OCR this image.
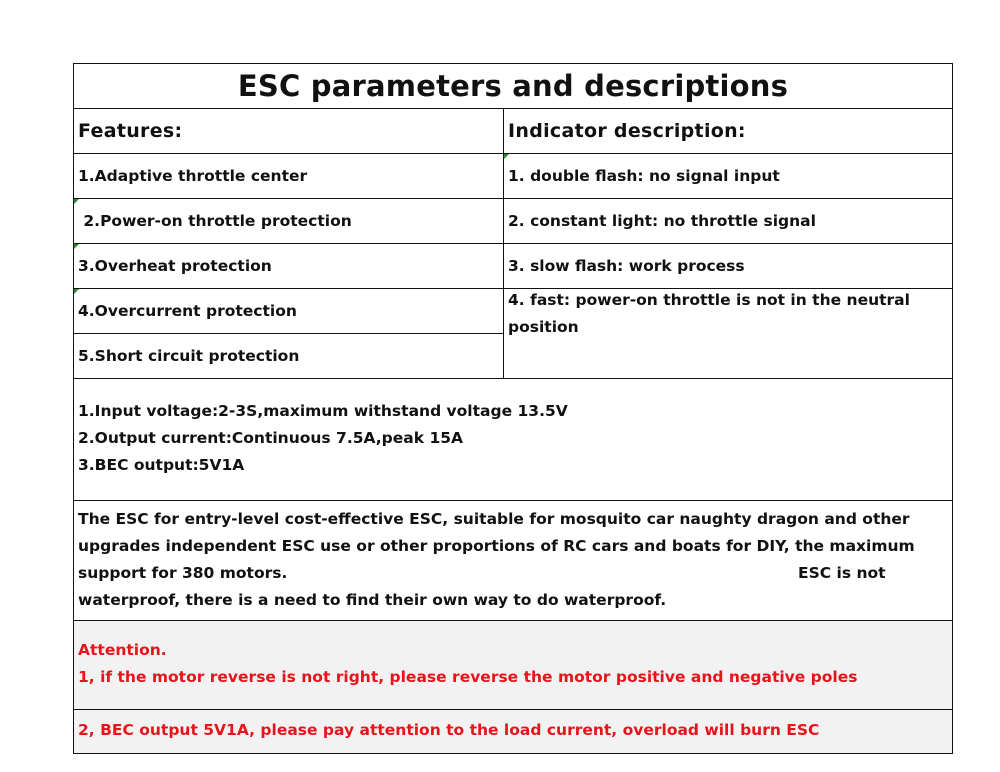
ESC parameters and descriptions
Features:	Indicator description:
1.Adaptive throttle center
2.Power-on throttle protection
3.Overheat protection
4.Overcurrent protection
5.Short circuit protection
1. double flash: no signal input
2. constant light: no throttle signal
3. slow flash: work process
4. fast: power-on throttle is not in the neutral position
1.Input voltage:2-3S,maximum withstand voltage 13.5V
2.Output current:Continuous 7.5A,peak 15A
3.BEC output:5V1A
The ESC for entry-level cost-effective ESC, suitable for mosquito car naughty dragon and other
upgrades independent ESC use or other proportions of RC cars and boats for DIY, the maximum
support for 380 motors.	ESC is not
waterproof, there is a need to find their own way to do waterproof.
Attention.
1, if the motor reverse is not right, please reverse the motor positive and negative poles
2, BEC output 5V1A, please pay attention to the load current, overload will burn ESC
